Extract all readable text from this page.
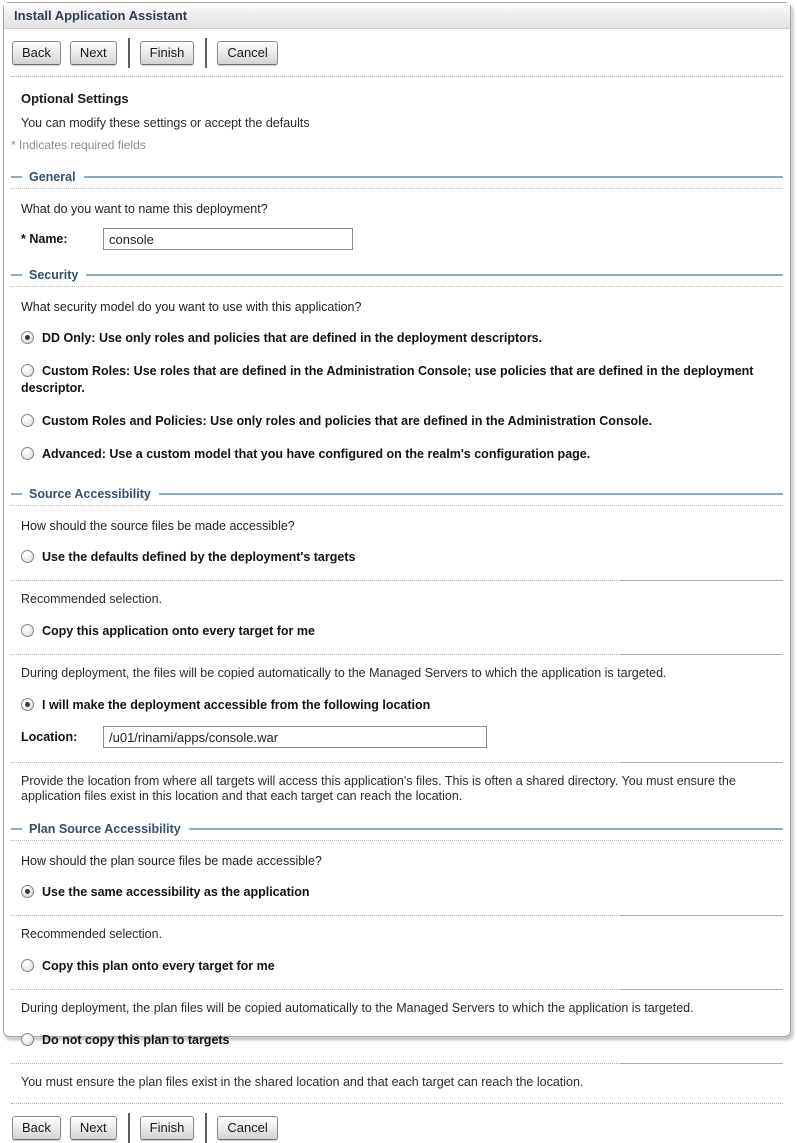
Install Application Assistant
Back	Next	Finish	Cancel
Optional Settings
You can modify these settings or accept the defaults
* Indicates required fields
General
What do you want to name this deployment?
* Name:
console
Security
What security model do you want to use with this application?
DD Only: Use only roles and policies that are defined in the deployment descriptors.
Custom Roles: Use roles that are defined in the Administration Console; use policies that are defined in the deployment descriptor.
Custom Roles and Policies: Use only roles and policies that are defined in the Administration Console.
Advanced: Use a custom model that you have configured on the realm's configuration page.
Source Accessibility
How should the source files be made accessible?
Use the defaults defined by the deployment's targets
Recommended selection.
Copy this application onto every target for me
During deployment, the files will be copied automatically to the Managed Servers to which the application is targeted.
I will make the deployment accessible from the following location
Location:
/u01/rinami/apps/console.war
Provide the location from where all targets will access this application's files. This is often a shared directory. You must ensure the application files exist in this location and that each target can reach the location.
Plan Source Accessibility
How should the plan source files be made accessible?
Use the same accessibility as the application
Recommended selection.
Copy this plan onto every target for me
During deployment, the plan files will be copied automatically to the Managed Servers to which the application is targeted.
Do not copy this plan to targets
You must ensure the plan files exist in the shared location and that each target can reach the location.
Back	Next	Finish	Cancel
